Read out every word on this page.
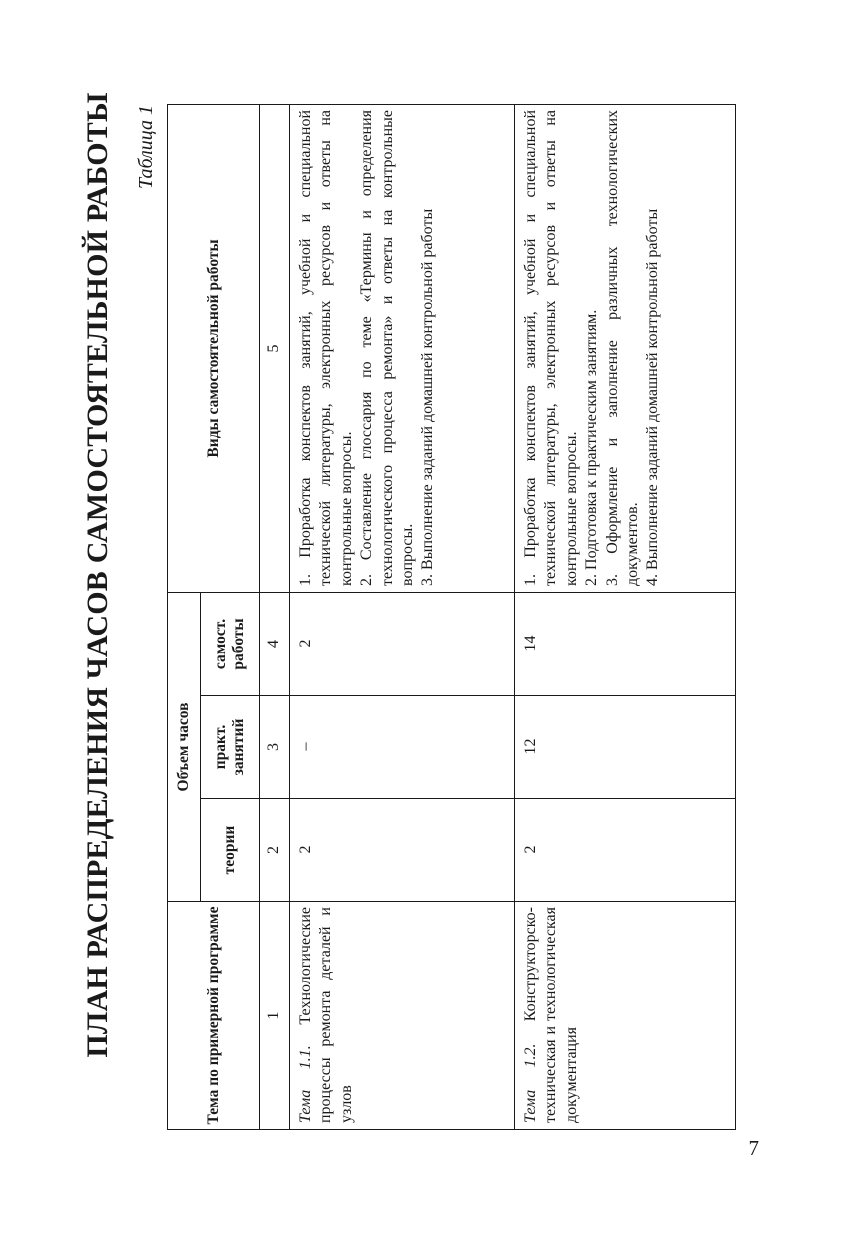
7
ПЛАН РАСПРЕДЕЛЕНИЯ ЧАСОВ САМОСТОЯТЕЛЬНОЙ РАБОТЫ	Таблица 1
Тема по примерной программе	Объем часов			Виды самостоятельной работы
	теории	практ. занятий	самост. работы	
1	2	3	4	5
Тема 1.1. Технологические процессы ремонта деталей и узлов	2	–	2	1. Проработка конспектов занятий, учебной и специальной технической литературы, электронных ресурсов и ответы на контрольные вопросы. 2. Составление глоссария по теме «Термины и определения технологического процесса ремонта» и ответы на контрольные вопросы. 3. Выполнение заданий домашней контрольной работы

Тема 1.2. Конструкторско-техническая и технологическая документация	2	12	14	1. Проработка конспектов занятий, учебной и специальной технической литературы, электронных ресурсов и ответы на контрольные вопросы. 2. Подготовка к практическим занятиям. 3. Оформление и заполнение различных технологических документов. 4. Выполнение заданий домашней контрольной работы
